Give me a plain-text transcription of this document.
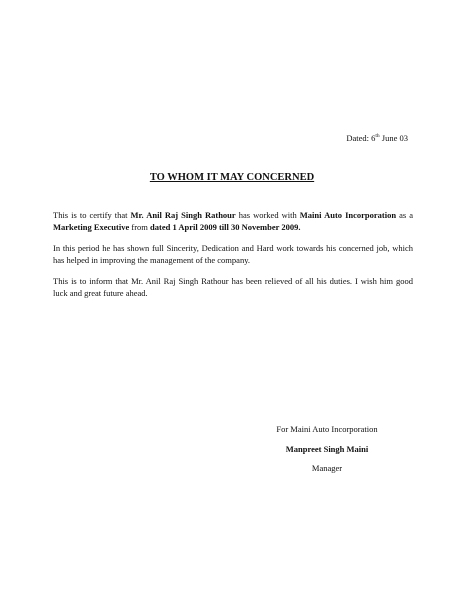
Dated: 6th June 03
TO WHOM IT MAY CONCERNED

This is to certify that Mr. Anil Raj Singh Rathour has worked with Maini Auto Incorporation as a Marketing Executive from dated 1 April 2009 till 30 November 2009.

In this period he has shown full Sincerity, Dedication and Hard work towards his concerned job, which has helped in improving the management of the company.

This is to inform that Mr. Anil Raj Singh Rathour has been relieved of all his duties. I wish him good luck and great future ahead.

For Maini Auto Incorporation
Manpreet Singh Maini
Manager
